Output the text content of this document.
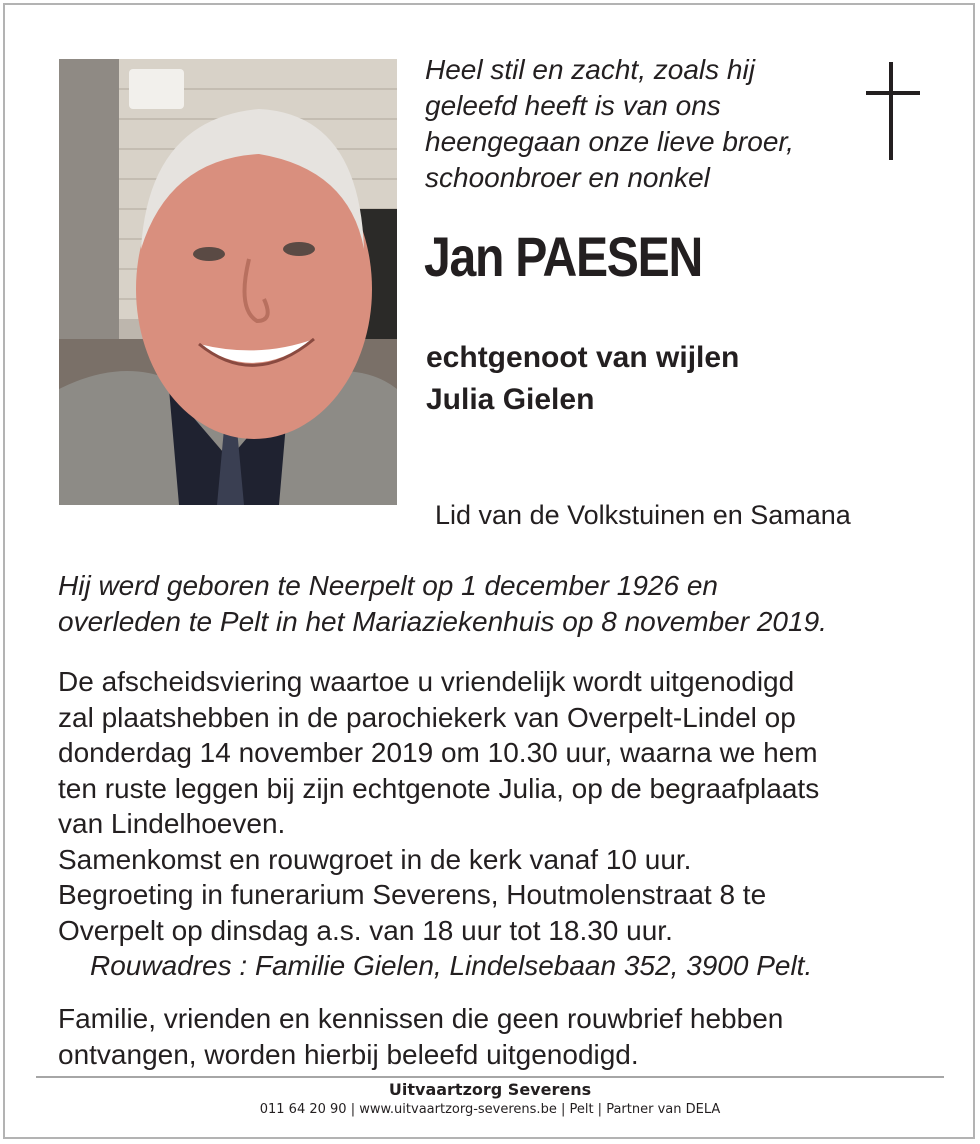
Heel stil en zacht, zoals hij
geleefd heeft is van ons
heengegaan onze lieve broer,
schoonbroer en nonkel
Jan PAESEN
echtgenoot van wijlen
Julia Gielen
Lid van de Volkstuinen en Samana
Hij werd geboren te Neerpelt op 1 december 1926 en
overleden te Pelt in het Mariaziekenhuis op 8 november 2019.
De afscheidsviering waartoe u vriendelijk wordt uitgenodigd
zal plaatshebben in de parochiekerk van Overpelt-Lindel op
donderdag 14 november 2019 om 10.30 uur, waarna we hem
ten ruste leggen bij zijn echtgenote Julia, op de begraafplaats
van Lindelhoeven.
Samenkomst en rouwgroet in de kerk vanaf 10 uur.
Begroeting in funerarium Severens, Houtmolenstraat 8 te
Overpelt op dinsdag a.s. van 18 uur tot 18.30 uur.
Rouwadres : Familie Gielen, Lindelsebaan 352, 3900 Pelt.
Familie, vrienden en kennissen die geen rouwbrief hebben
ontvangen, worden hierbij beleefd uitgenodigd.
Uitvaartzorg Severens
011 64 20 90 | www.uitvaartzorg-severens.be | Pelt | Partner van DELA
